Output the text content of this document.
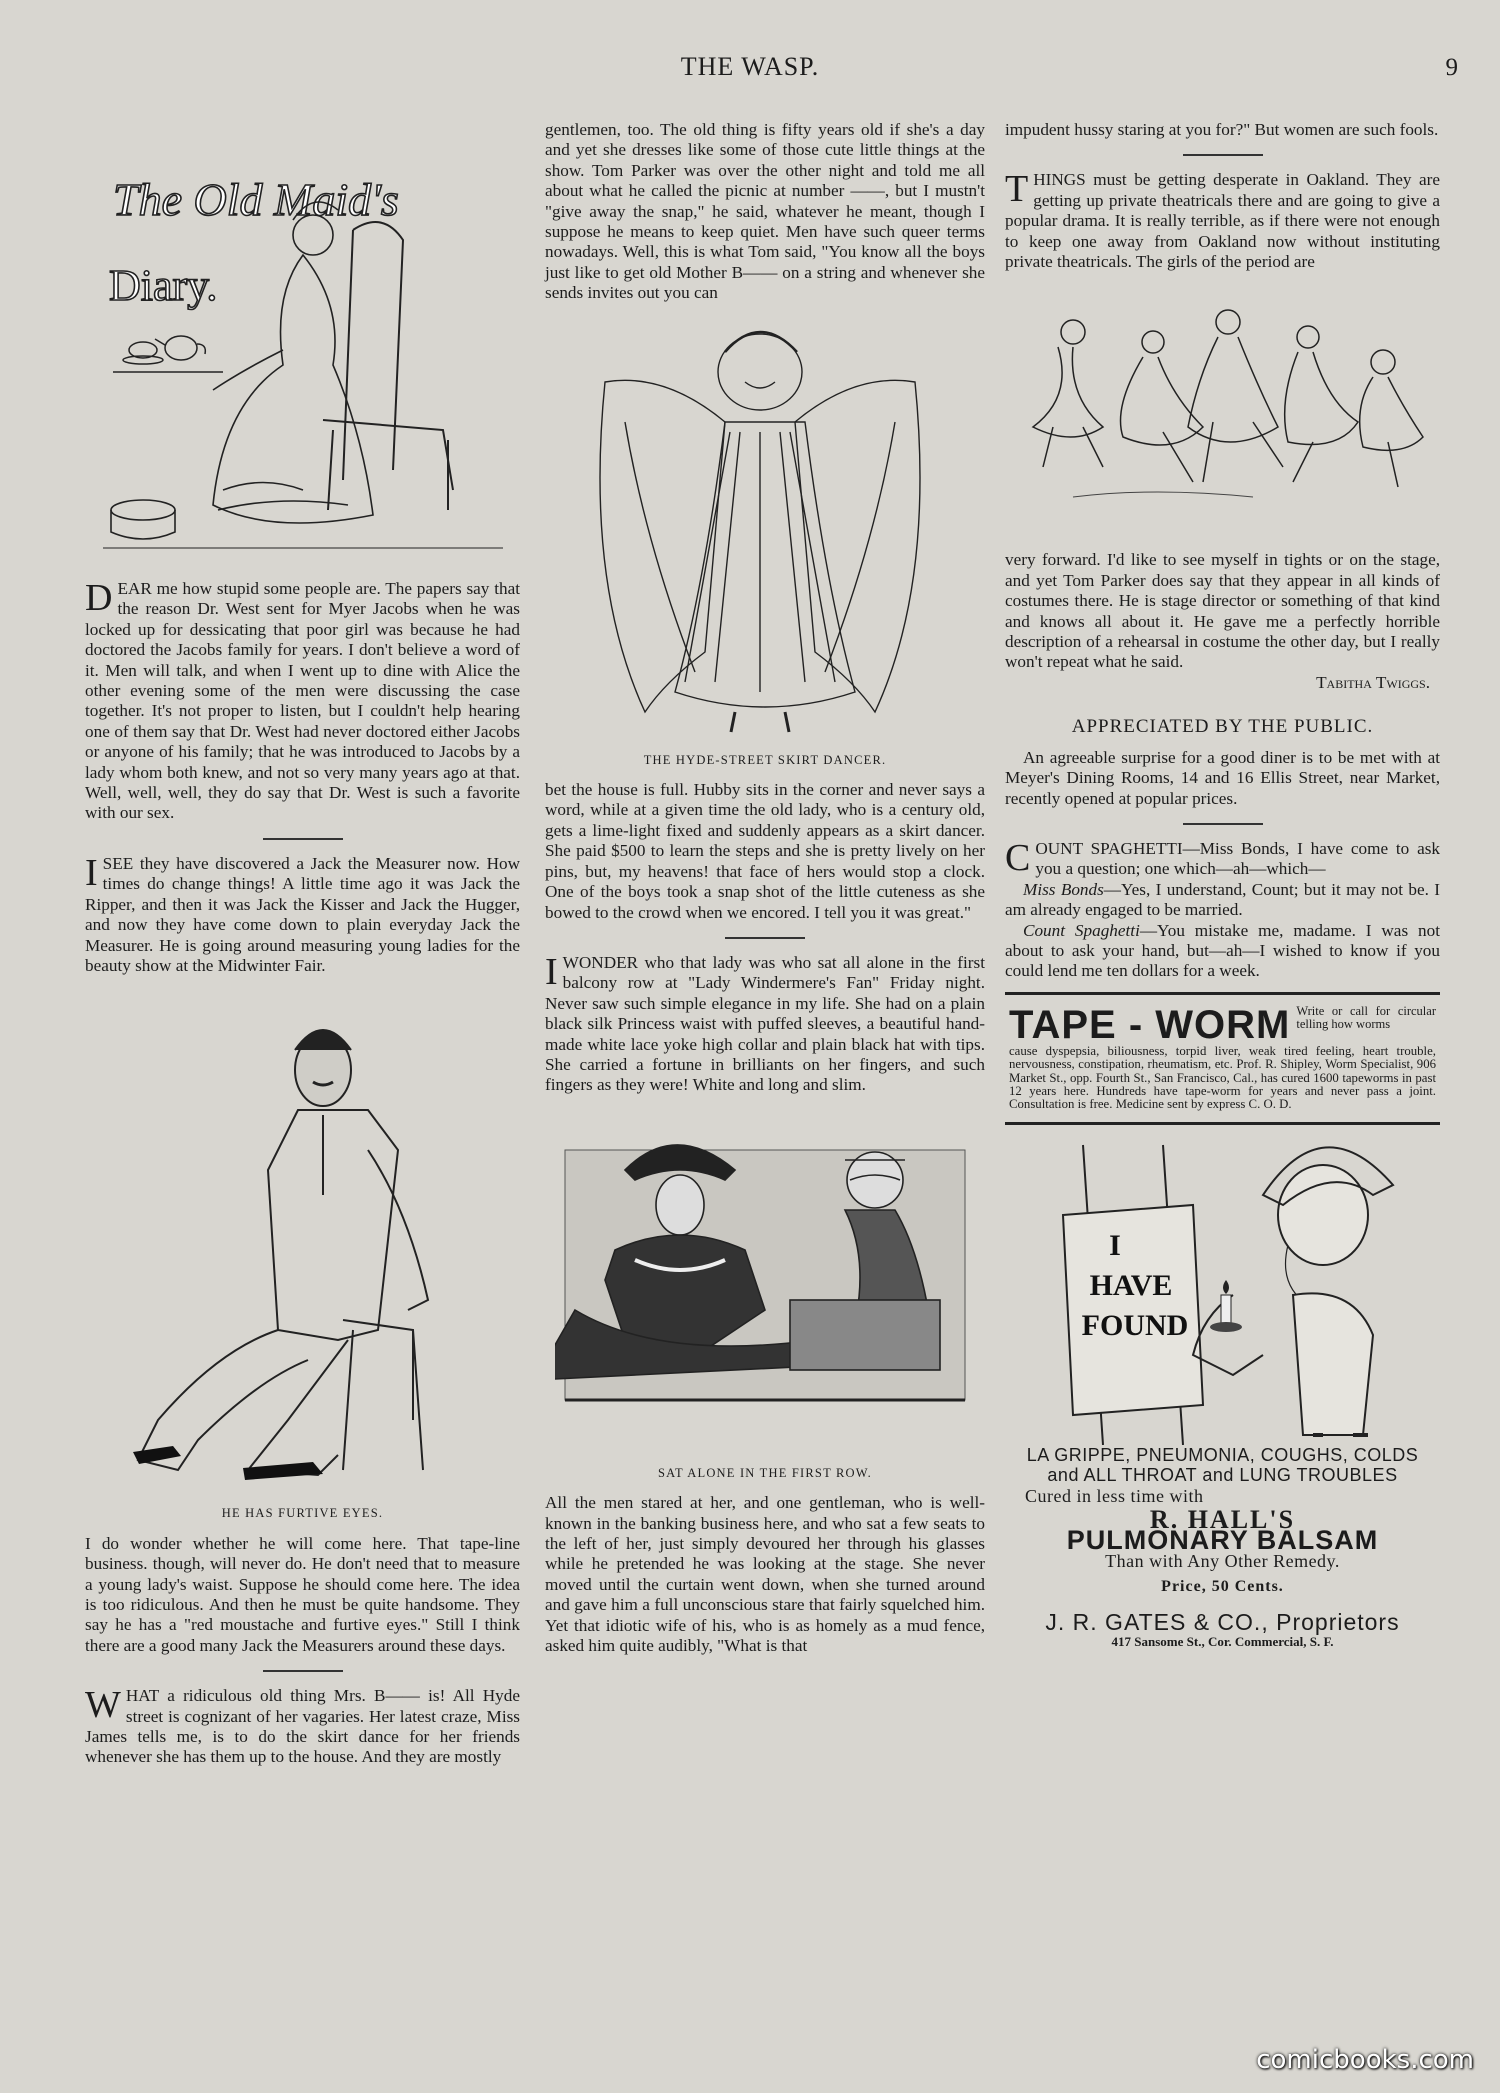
THE WASP.	9
The Old Maid's
Diary.

DEAR me how stupid some people are. The papers say that the reason Dr. West sent for Myer Jacobs when he was locked up for dessicating that poor girl was because he had doctored the Jacobs family for years. I don't believe a word of it. Men will talk, and when I went up to dine with Alice the other evening some of the men were discussing the case together. It's not proper to listen, but I couldn't help hearing one of them say that Dr. West had never doctored either Jacobs or anyone of his family; that he was introduced to Jacobs by a lady whom both knew, and not so very many years ago at that. Well, well, well, they do say that Dr. West is such a favorite with our sex.

ISEE they have discovered a Jack the Measurer now. How times do change things! A little time ago it was Jack the Ripper, and then it was Jack the Kisser and Jack the Hugger, and now they have come down to plain everyday Jack the Measurer. He is going around measuring young ladies for the beauty show at the Midwinter Fair.

HE HAS FURTIVE EYES.

I do wonder whether he will come here. That tape-line business. though, will never do. He don't need that to measure a young lady's waist. Suppose he should come here. The idea is too ridiculous. And then he must be quite handsome. They say he has a "red moustache and furtive eyes." Still I think there are a good many Jack the Measurers around these days.

WHAT a ridiculous old thing Mrs. B—— is! All Hyde street is cognizant of her vagaries. Her latest craze, Miss James tells me, is to do the skirt dance for her friends whenever she has them up to the house. And they are mostly

gentlemen, too. The old thing is fifty years old if she's a day and yet she dresses like some of those cute little things at the show. Tom Parker was over the other night and told me all about what he called the picnic at number ——, but I mustn't "give away the snap," he said, whatever he meant, though I suppose he means to keep quiet. Men have such queer terms nowadays. Well, this is what Tom said, "You know all the boys just like to get old Mother B—— on a string and whenever she sends invites out you can

THE HYDE-STREET SKIRT DANCER.

bet the house is full. Hubby sits in the corner and never says a word, while at a given time the old lady, who is a century old, gets a lime-light fixed and suddenly appears as a skirt dancer. She paid $500 to learn the steps and she is pretty lively on her pins, but, my heavens! that face of hers would stop a clock. One of the boys took a snap shot of the little cuteness as she bowed to the crowd when we encored. I tell you it was great."

IWONDER who that lady was who sat all alone in the first balcony row at "Lady Windermere's Fan" Friday night. Never saw such simple elegance in my life. She had on a plain black silk Princess waist with puffed sleeves, a beautiful hand-made white lace yoke high collar and plain black hat with tips. She carried a fortune in brilliants on her fingers, and such fingers as they were! White and long and slim.

SAT ALONE IN THE FIRST ROW.

All the men stared at her, and one gentleman, who is well-known in the banking business here, and who sat a few seats to the left of her, just simply devoured her through his glasses while he pretended he was looking at the stage. She never moved until the curtain went down, when she turned around and gave him a full unconscious stare that fairly squelched him. Yet that idiotic wife of his, who is as homely as a mud fence, asked him quite audibly, "What is that

impudent hussy staring at you for?" But women are such fools.

THINGS must be getting desperate in Oakland. They are getting up private theatricals there and are going to give a popular drama. It is really terrible, as if there were not enough to keep one away from Oakland now without instituting private theatricals. The girls of the period are

very forward. I'd like to see myself in tights or on the stage, and yet Tom Parker does say that they appear in all kinds of costumes there. He is stage director or something of that kind and knows all about it. He gave me a perfectly horrible description of a rehearsal in costume the other day, but I really won't repeat what he said.

Tabitha Twiggs.
APPRECIATED BY THE PUBLIC.

An agreeable surprise for a good diner is to be met with at Meyer's Dining Rooms, 14 and 16 Ellis Street, near Market, recently opened at popular prices.

COUNT SPAGHETTI—Miss Bonds, I have come to ask you a question; one which—ah—which—

Miss Bonds—Yes, I understand, Count; but it may not be. I am already engaged to be married.

Count Spaghetti—You mistake me, madame. I was not about to ask your hand, but—ah—I wished to know if you could lend me ten dollars for a week.

TAPE - WORM Write or call for circular telling how worms
cause dyspepsia, biliousness, torpid liver, weak tired feeling, heart trouble, nervousness, constipation, rheumatism, etc. Prof. R. Shipley, Worm Specialist, 906 Market St., opp. Fourth St., San Francisco, Cal., has cured 1600 tapeworms in past 12 years here. Hundreds have tape-worm for years and never pass a joint. Consultation is free. Medicine sent by express C. O. D.
I
HAVE
FOUND
LA GRIPPE, PNEUMONIA, COUGHS, COLDS
and ALL THROAT and LUNG TROUBLES
Cured in less time with
R. HALL'S
PULMONARY BALSAM
Than with Any Other Remedy.
Price, 50 Cents.
J. R. GATES & CO., Proprietors
417 Sansome St., Cor. Commercial, S. F.
comicbooks.com
